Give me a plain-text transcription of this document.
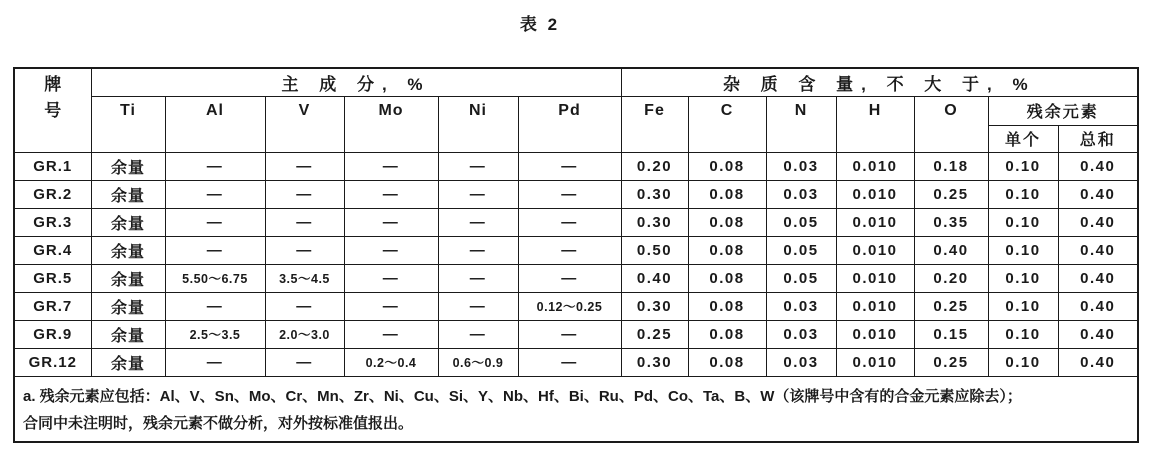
表 2
牌号	主 成 分, %						杂 质 含 量, 不 大 于, %						
	Ti	Al	V	Mo	Ni	Pd	Fe	C	N	H	O	残余元素	
												单个	总和
GR.1	余量	—	—	—	—	—	0.20	0.08	0.03	0.010	0.18	0.10	0.40
GR.2	余量	—	—	—	—	—	0.30	0.08	0.03	0.010	0.25	0.10	0.40
GR.3	余量	—	—	—	—	—	0.30	0.08	0.05	0.010	0.35	0.10	0.40
GR.4	余量	—	—	—	—	—	0.50	0.08	0.05	0.010	0.40	0.10	0.40
GR.5	余量	5.50～6.75	3.5～4.5	—	—	—	0.40	0.08	0.05	0.010	0.20	0.10	0.40
GR.7	余量	—	—	—	—	0.12～0.25	0.30	0.08	0.03	0.010	0.25	0.10	0.40
GR.9	余量	2.5～3.5	2.0～3.0	—	—	—	0.25	0.08	0.03	0.010	0.15	0.10	0.40
GR.12	余量	—	—	0.2～0.4	0.6～0.9	—	0.30	0.08	0.03	0.010	0.25	0.10	0.40

a. 残余元素应包括：Al、V、Sn、Mo、Cr、Mn、Zr、Ni、Cu、Si、Y、Nb、Hf、Bi、Ru、Pd、Co、Ta、B、W（该牌号中含有的合金元素应除去）；
合同中未注明时，残余元素不做分析，对外按标准值报出。													
